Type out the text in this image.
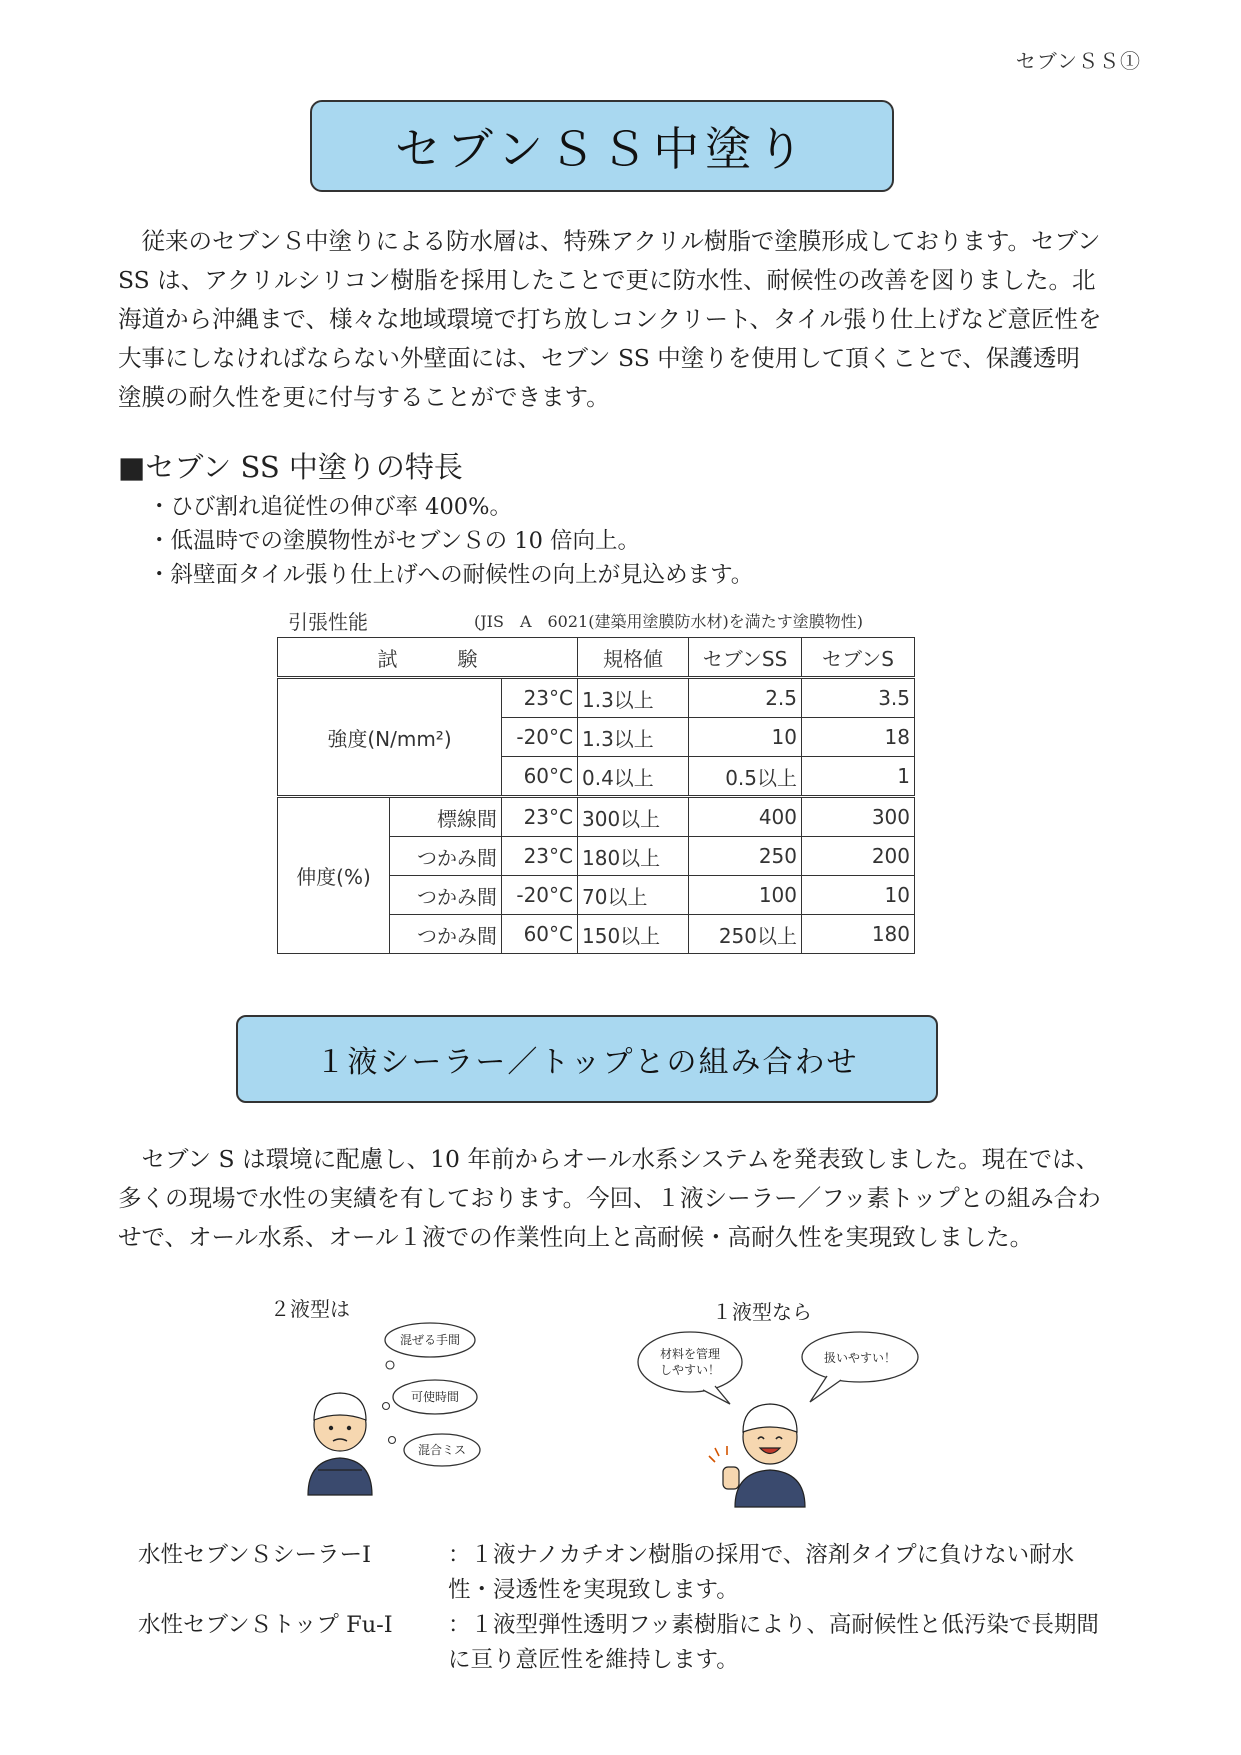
セブンＳＳ①
セブンＳＳ中塗り

従来のセブンＳ中塗りによる防水層は、特殊アクリル樹脂で塗膜形成しております。セブン SS は、アクリルシリコン樹脂を採用したことで更に防水性、耐候性の改善を図りました。北海道から沖縄まで、様々な地域環境で打ち放しコンクリート、タイル張り仕上げなど意匠性を大事にしなければならない外壁面には、セブン SS 中塗りを使用して頂くことで、保護透明塗膜の耐久性を更に付与することができます。

■セブン SS 中塗りの特長
・ ひび割れ追従性の伸び率 400%。
・ 低温時での塗膜物性がセブンＳの 10 倍向上。
・ 斜壁面タイル張り仕上げへの耐候性の向上が見込めます。
引張性能	(JIS　A　6021(建築用塗膜防水材)を満たす塗膜物性)
試　　　験			規格値	セブンSS	セブンS
強度(N/mm²)		23°C	1.3以上	2.5	3.5
		-20°C	1.3以上	10	18
		60°C	0.4以上	0.5以上	1
伸度(%)	標線間	23°C	300以上	400	300
	つかみ間	23°C	180以上	250	200
	つかみ間	-20°C	70以上	100	10
	つかみ間	60°C	150以上	250以上	180
１液シーラー／トップとの組み合わせ

セブン S は環境に配慮し、10 年前からオール水系システムを発表致しました。現在では、多くの現場で水性の実績を有しております。今回、１液シーラー／フッ素トップとの組み合わせで、オール水系、オール１液での作業性向上と高耐候・高耐久性を実現致しました。

２液型は
混ぜる手間
可使時間
混合ミス
１液型なら
材料を管理
しやすい！
扱いやすい！
水性セブンＳシーラーⅠ	：１液ナノカチオン樹脂の採用で、溶剤タイプに負けない耐水性・浸透性を実現致します。
水性セブンＳトップ Fu-Ⅰ	：１液型弾性透明フッ素樹脂により、高耐候性と低汚染で長期間に亘り意匠性を維持します。
